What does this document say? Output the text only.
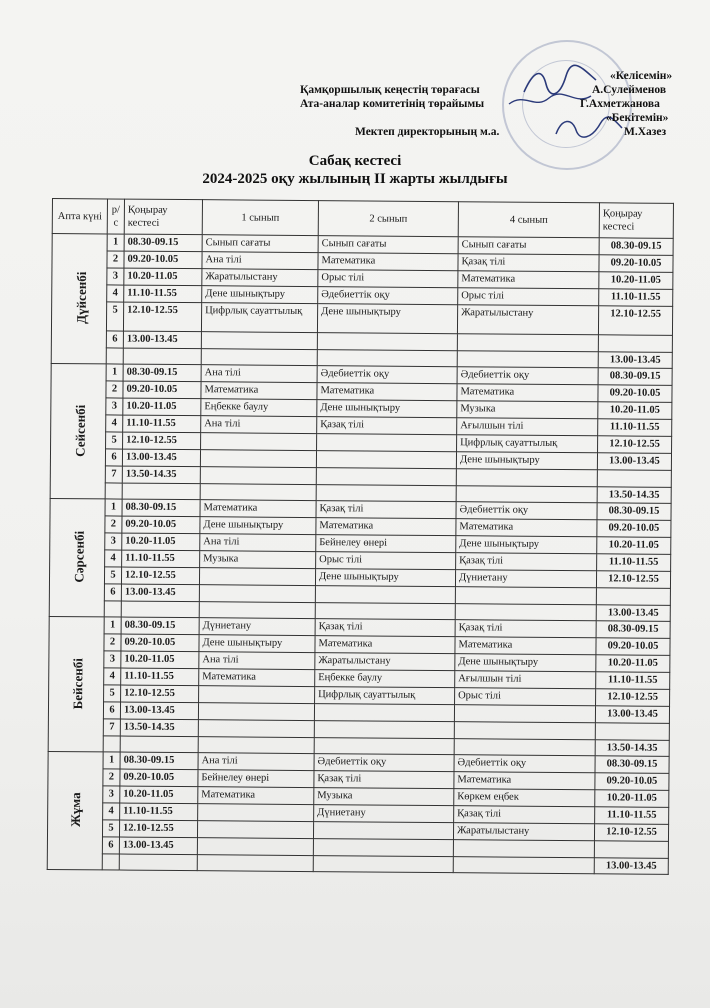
«Келісемін»
Қамқоршылық кеңестің төрағасы	А.Сулейменов
Ата-аналар комитетінің төрайымы	Г.Ахметжанова
«Бекітемін»
Мектеп директорының м.а.	М.Хазез
Сабақ кестесі
2024-2025 оқу жылының ІІ жарты жылдығы
Апта күні	р/с	Қоңырау кестесі	1 сынып	2 сынып	4 сынып	Қоңырау кестесі
Дүйсенбі	1	08.30-09.15	Сынып сағаты	Сынып сағаты	Сынып сағаты	08.30-09.15
	2	09.20-10.05	Ана тілі	Математика	Қазақ тілі	09.20-10.05
	3	10.20-11.05	Жаратылыстану	Орыс тілі	Математика	10.20-11.05
	4	11.10-11.55	Дене шынықтыру	Әдебиеттік оқу	Орыс тілі	11.10-11.55
	5	12.10-12.55	Цифрлық сауаттылық	Дене шынықтыру	Жаратылыстану	12.10-12.55
	6	13.00-13.45				
						13.00-13.45
Сейсенбі	1	08.30-09.15	Ана тілі	Әдебиеттік оқу	Әдебиеттік оқу	08.30-09.15
	2	09.20-10.05	Математика	Математика	Математика	09.20-10.05
	3	10.20-11.05	Еңбекке баулу	Дене шынықтыру	Музыка	10.20-11.05
	4	11.10-11.55	Ана тілі	Қазақ тілі	Ағылшын тілі	11.10-11.55
	5	12.10-12.55			Цифрлық сауаттылық	12.10-12.55
	6	13.00-13.45			Дене шынықтыру	13.00-13.45
	7	13.50-14.35				
						13.50-14.35
Сәрсенбі	1	08.30-09.15	Математика	Қазақ тілі	Әдебиеттік оқу	08.30-09.15
	2	09.20-10.05	Дене шынықтыру	Математика	Математика	09.20-10.05
	3	10.20-11.05	Ана тілі	Бейнелеу өнері	Дене шынықтыру	10.20-11.05
	4	11.10-11.55	Музыка	Орыс тілі	Қазақ тілі	11.10-11.55
	5	12.10-12.55		Дене шынықтыру	Дүниетану	12.10-12.55
	6	13.00-13.45				
						13.00-13.45
Бейсенбі	1	08.30-09.15	Дүниетану	Қазақ тілі	Қазақ тілі	08.30-09.15
	2	09.20-10.05	Дене шынықтыру	Математика	Математика	09.20-10.05
	3	10.20-11.05	Ана тілі	Жаратылыстану	Дене шынықтыру	10.20-11.05
	4	11.10-11.55	Математика	Еңбекке баулу	Ағылшын тілі	11.10-11.55
	5	12.10-12.55		Цифрлық сауаттылық	Орыс тілі	12.10-12.55
	6	13.00-13.45				13.00-13.45
	7	13.50-14.35				
						13.50-14.35
Жұма	1	08.30-09.15	Ана тілі	Әдебиеттік оқу	Әдебиеттік оқу	08.30-09.15
	2	09.20-10.05	Бейнелеу өнері	Қазақ тілі	Математика	09.20-10.05
	3	10.20-11.05	Математика	Музыка	Көркем еңбек	10.20-11.05
	4	11.10-11.55		Дүниетану	Қазақ тілі	11.10-11.55
	5	12.10-12.55			Жаратылыстану	12.10-12.55
	6	13.00-13.45				
						13.00-13.45
